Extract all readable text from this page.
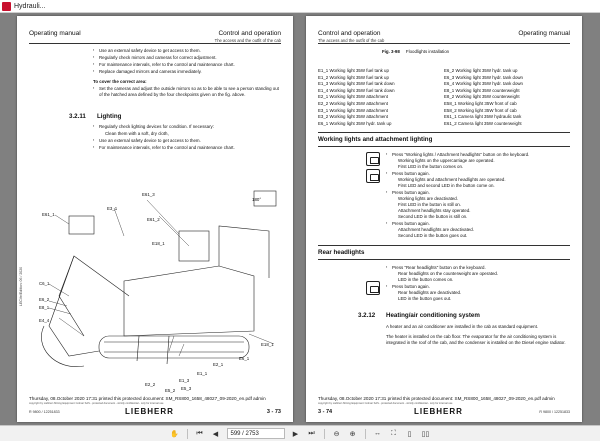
Hydrauli...
Operating manual	Control and operation
The access and the outfit of the cab
▪ Use an external safety device to get access to them.
▪ Regularly check mirrors and cameras for correct adjustment.
▪ For maintenance intervals, refer to the control and maintenance chart.
▪ Replace damaged mirrors and cameras immediately.
To cover the correct area:
▪ Set the cameras and adjust the outside mirrors so as to be able to see a person standing out of the hatched area defined by the four checkpoints given on the fig. above.
3.2.11 Lighting
▪ Regularly check lighting devices for condition. If necessary:
Clean them with a soft, dry cloth,
▪ Use an external safety device to get access to them.
▪ For maintenance intervals, refer to the control and maintenance chart.
E61_1
E3_1
E61_3
E61_2
E18_1
C6_1
E6_2
E8_1
E4_4
E18_1
E6_1
E2_1
E1_1
E1_3
E2_2
E5_2 E5_3
180°
LECVe/Edition: 06 / 2020
Thursday, 08.October 2020 17:31 printed this protected document: SM_RS800_1658_48027_09-2020_en.pdf admin
copyright by Liebherr-Mining Equipment Colmar SAS - protected document - strictly confidential - only for internal use
R 9800 / 12251833	LIEBHERR	3 - 73
Control and operation	Operating manual
The access and the outfit of the cab
Fig. 3-98 Floodlights installation
E1_1 Working light 35W fuel tank up	E6_2 Working light 35W hydr. tank up
E1_2 Working light 35W fuel tank up	E6_3 Working light 35W hydr. tank down
E1_3 Working light 35W fuel tank down	E6_4 Working light 35W hydr. tank down
E1_4 Working light 35W fuel tank down	E8_1 Working light 35W counterweight
E2_1 Working light 35W attachment	E8_2 Working light 35W counterweight
E2_2 Working light 35W attachment	E58_1 Working light 35W front of cab
E3_1 Working light 35W attachment	E58_2 Working light 35W front of cab
E3_2 Working light 35W attachment	E61_1 Camera light 35W hydraulic tank
E6_1 Working light 35W hydr. tank up	E61_2 Camera light 35W counterweight
Working lights and attachment lighting
▪ Press "Working lights / Attachment headlights" button on the keyboard.
Working lights on the uppercarriage are operated.
First LED in the button comes on.
▪ Press button again.
Working lights and attachment headlights are operated.
First LED and second LED in the button come on.
▪ Press button again.
Working lights are deactivated.
First LED in the button is still on.
Attachment headlights stay operated.
Second LED in the button is still on.
▪ Press button again.
Attachment headlights are deactivated.
Second LED in the button goes out.
Rear headlights
▪ Press "Rear headlights" button on the keyboard.
Rear headlights on the counterweight are operated.
LED in the button comes on.
▪ Press button again.
Rear headlights are deactivated.
LED in the button goes out.
3.2.12 Heating/air conditioning system
A heater and an air conditioner are installed in the cab as standard equipment.
The heater is installed on the cab floor. The evaporator for the air conditioning system is integrated in the roof of the cab, and the condenser is installed on the Diesel engine radiator.
Thursday, 08.October 2020 17:31 printed this protected document: SM_RS800_1658_48027_09-2020_en.pdf admin
copyright by Liebherr-Mining Equipment Colmar SAS - protected document - strictly confidential - only for internal use
3 - 74	LIEBHERR	R 9800 / 12251833
✋	⏮	◀	599 / 2753	▶	⏭	⊖	⊕	↔	⛶	▯	▯▯
